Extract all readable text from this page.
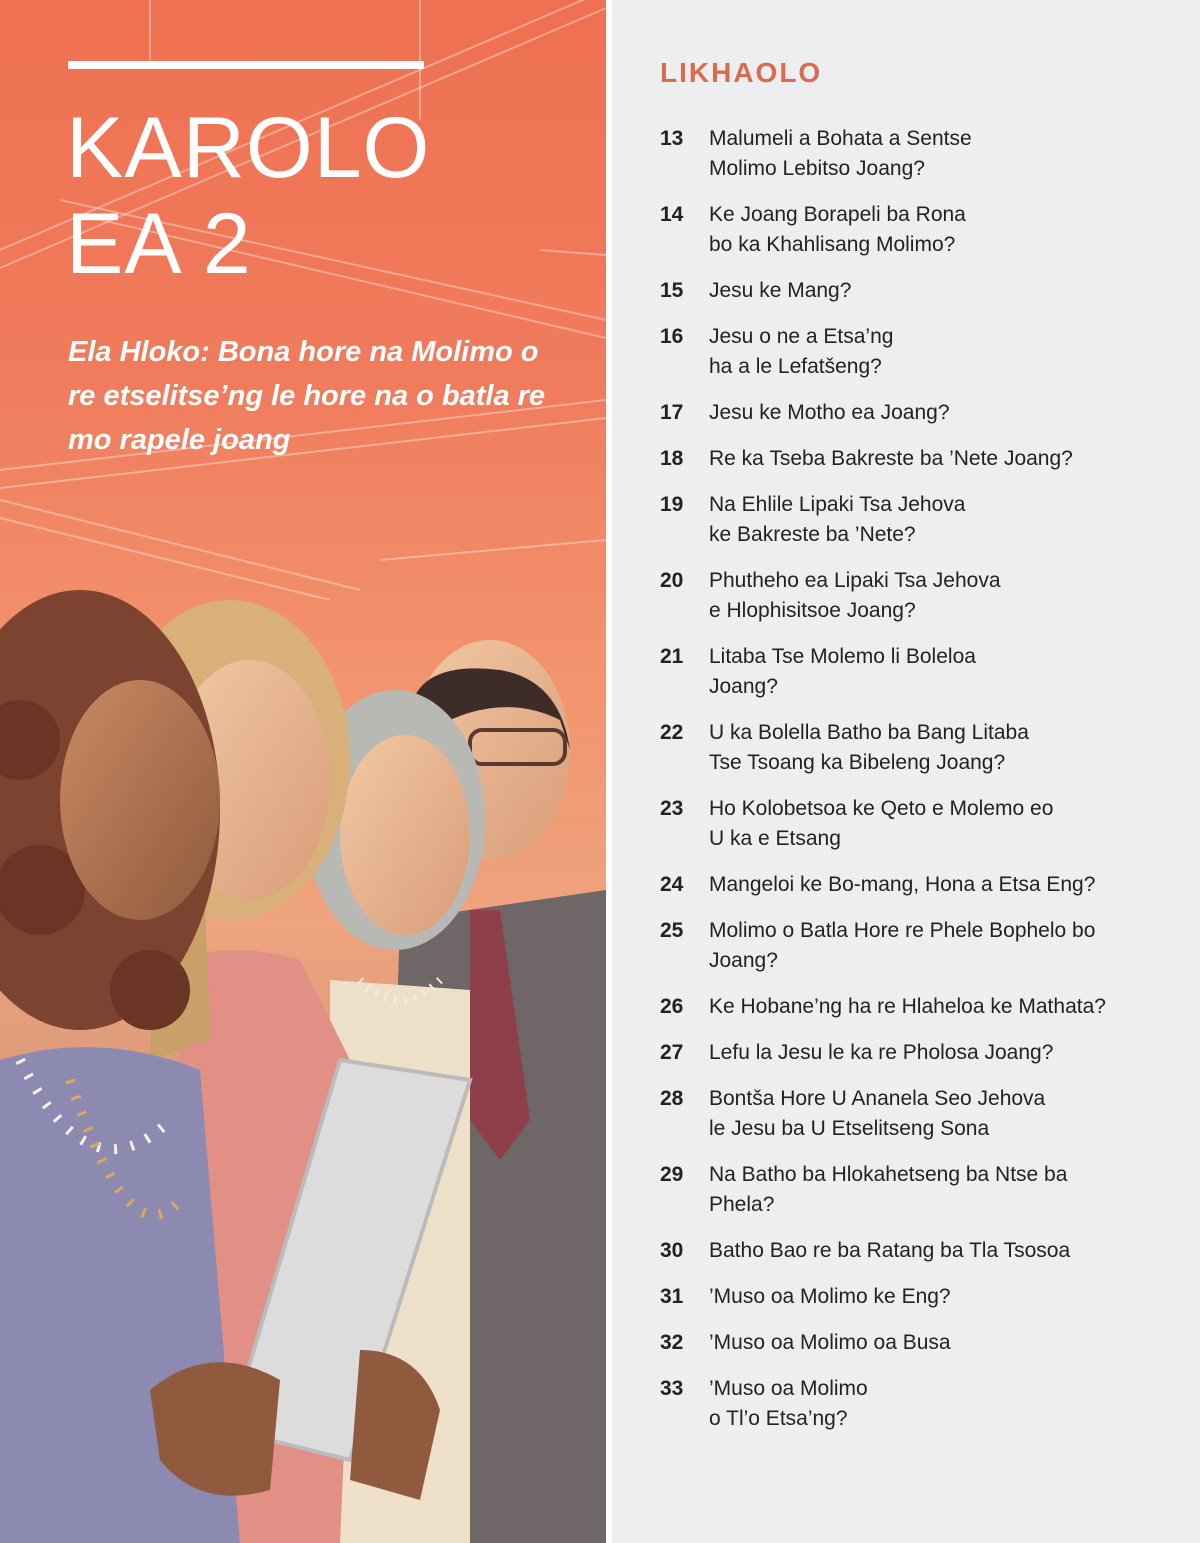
KAROLO
EA 2
Ela Hloko: Bona hore na Molimo o re etselitse’ng le hore na o batla re mo rapele joang
LIKHAOLO
13	Malumeli a Bohata a Sentse
Molimo Lebitso Joang?
14	Ke Joang Borapeli ba Rona
bo ka Khahlisang Molimo?
15	Jesu ke Mang?
16	Jesu o ne a Etsa’ng
ha a le Lefatšeng?
17	Jesu ke Motho ea Joang?
18	Re ka Tseba Bakreste ba ’Nete Joang?
19	Na Ehlile Lipaki Tsa Jehova
ke Bakreste ba ’Nete?
20	Phutheho ea Lipaki Tsa Jehova
e Hlophisitsoe Joang?
21	Litaba Tse Molemo li Boleloa
Joang?
22	U ka Bolella Batho ba Bang Litaba
Tse Tsoang ka Bibeleng Joang?
23	Ho Kolobetsoa ke Qeto e Molemo eo
U ka e Etsang
24	Mangeloi ke Bo-mang, Hona a Etsa Eng?
25	Molimo o Batla Hore re Phele Bophelo bo
Joang?
26	Ke Hobane’ng ha re Hlaheloa ke Mathata?
27	Lefu la Jesu le ka re Pholosa Joang?
28	Bontša Hore U Ananela Seo Jehova
le Jesu ba U Etselitseng Sona
29	Na Batho ba Hlokahetseng ba Ntse ba
Phela?
30	Batho Bao re ba Ratang ba Tla Tsosoa
31	’Muso oa Molimo ke Eng?
32	’Muso oa Molimo oa Busa
33	’Muso oa Molimo
o Tl’o Etsa’ng?
